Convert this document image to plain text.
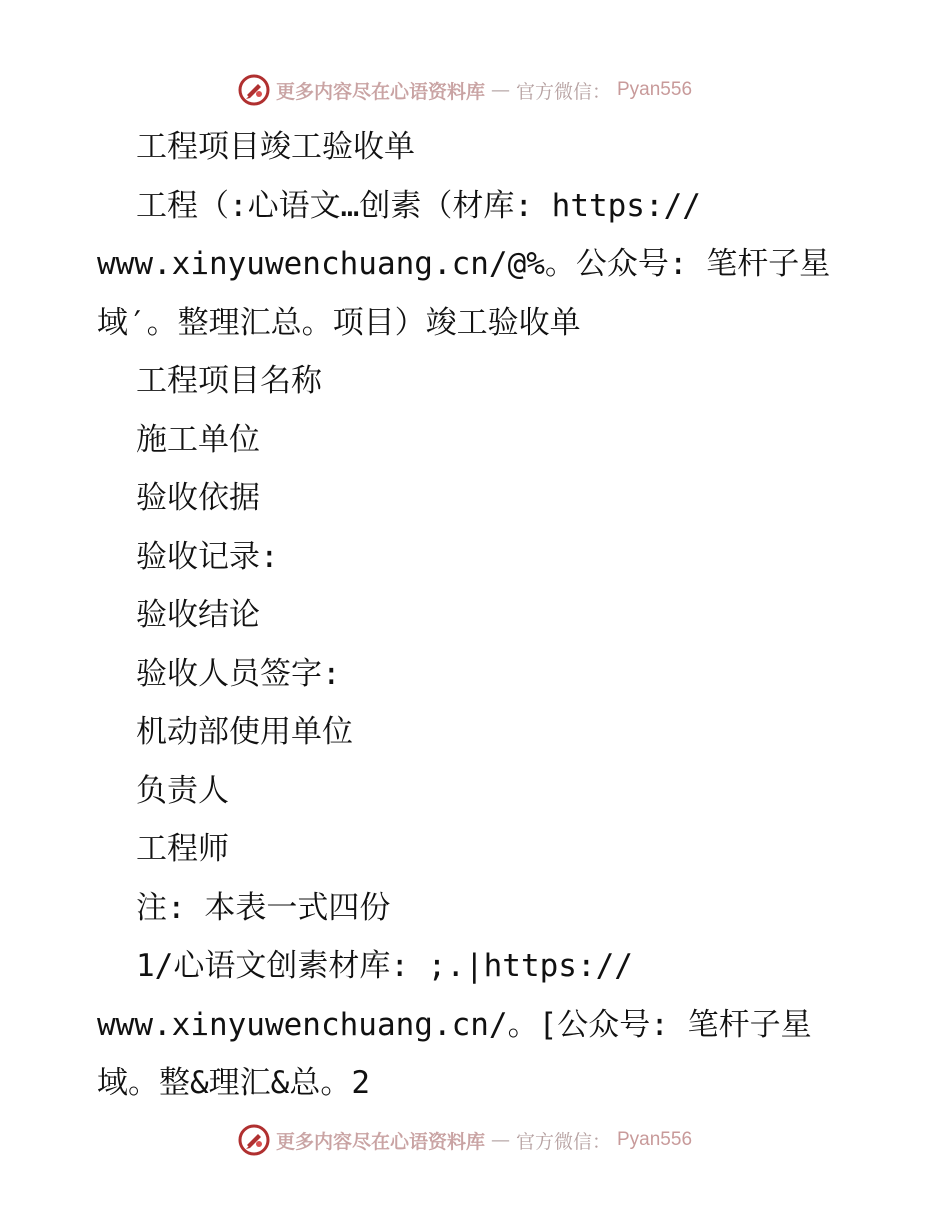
更多内容尽在心语资料库 — 官方微信： Pyan556
工程项目竣工验收单
工程（:心语文…创素（材库: https://
www.xinyuwenchuang.cn/@%。公众号: 笔杆子星
域′。整理汇总。项目）竣工验收单
工程项目名称
施工单位
验收依据
验收记录:
验收结论
验收人员签字:
机动部使用单位
负责人
工程师
注: 本表一式四份
1/心语文创素材库: ;.|https://
www.xinyuwenchuang.cn/。[公众号: 笔杆子星
域。整&理汇&总。2
更多内容尽在心语资料库 — 官方微信： Pyan556
